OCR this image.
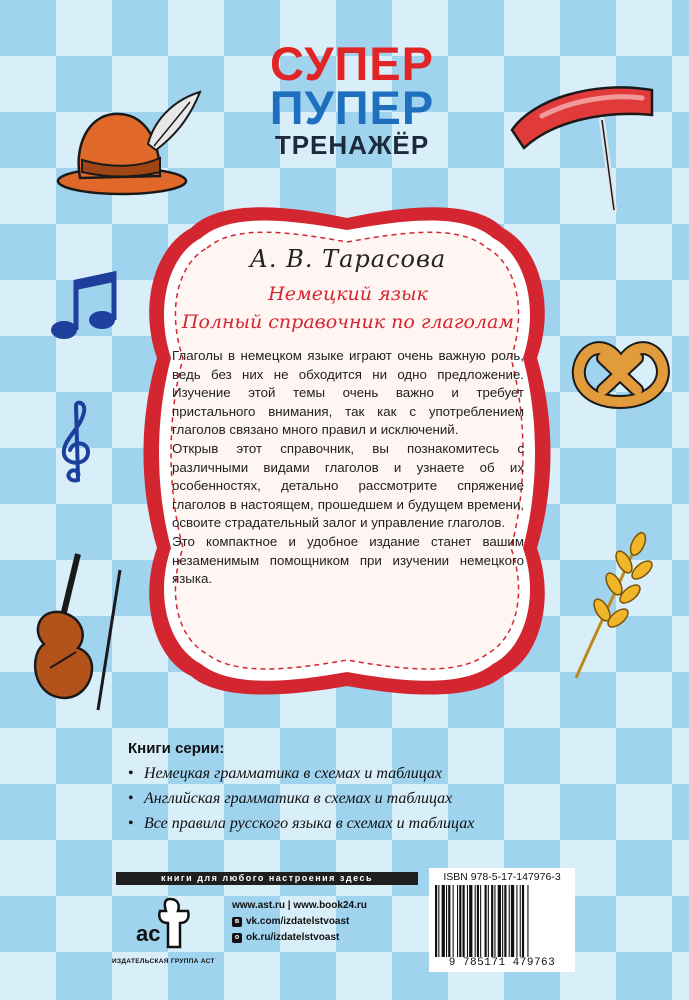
СУПЕР
ПУПЕР
ТРЕНАЖЁР
А. В. Тарасова
Немецкий язык
Полный справочник по глаголам

Глаголы в немецком языке играют очень важную роль, ведь без них не обходится ни одно предложение. Изучение этой темы очень важно и требует пристального внимания, так как с употреблением глаголов связано много правил и исключений.

Открыв этот справочник, вы познакомитесь с различными видами глаголов и узнаете об их особенностях, детально рассмотрите спряжение глаголов в настоящем, прошедшем и будущем времени, освоите страдательный залог и управление глаголов.

Это компактное и удобное издание станет вашим незаменимым помощником при изучении немецкого языка.

Книги серии:
• Немецкая грамматика в схемах и таблицах
• Английская грамматика в схемах и таблицах
• Все правила русского языка в схемах и таблицах
книги для любого настроения здесь
ac
ИЗДАТЕЛЬСКАЯ ГРУППА АСТ
www.ast.ru | www.book24.ru
в vk.com/izdatelstvoast
о ok.ru/izdatelstvoast
ISBN 978-5-17-147976-3
9 785171 479763
